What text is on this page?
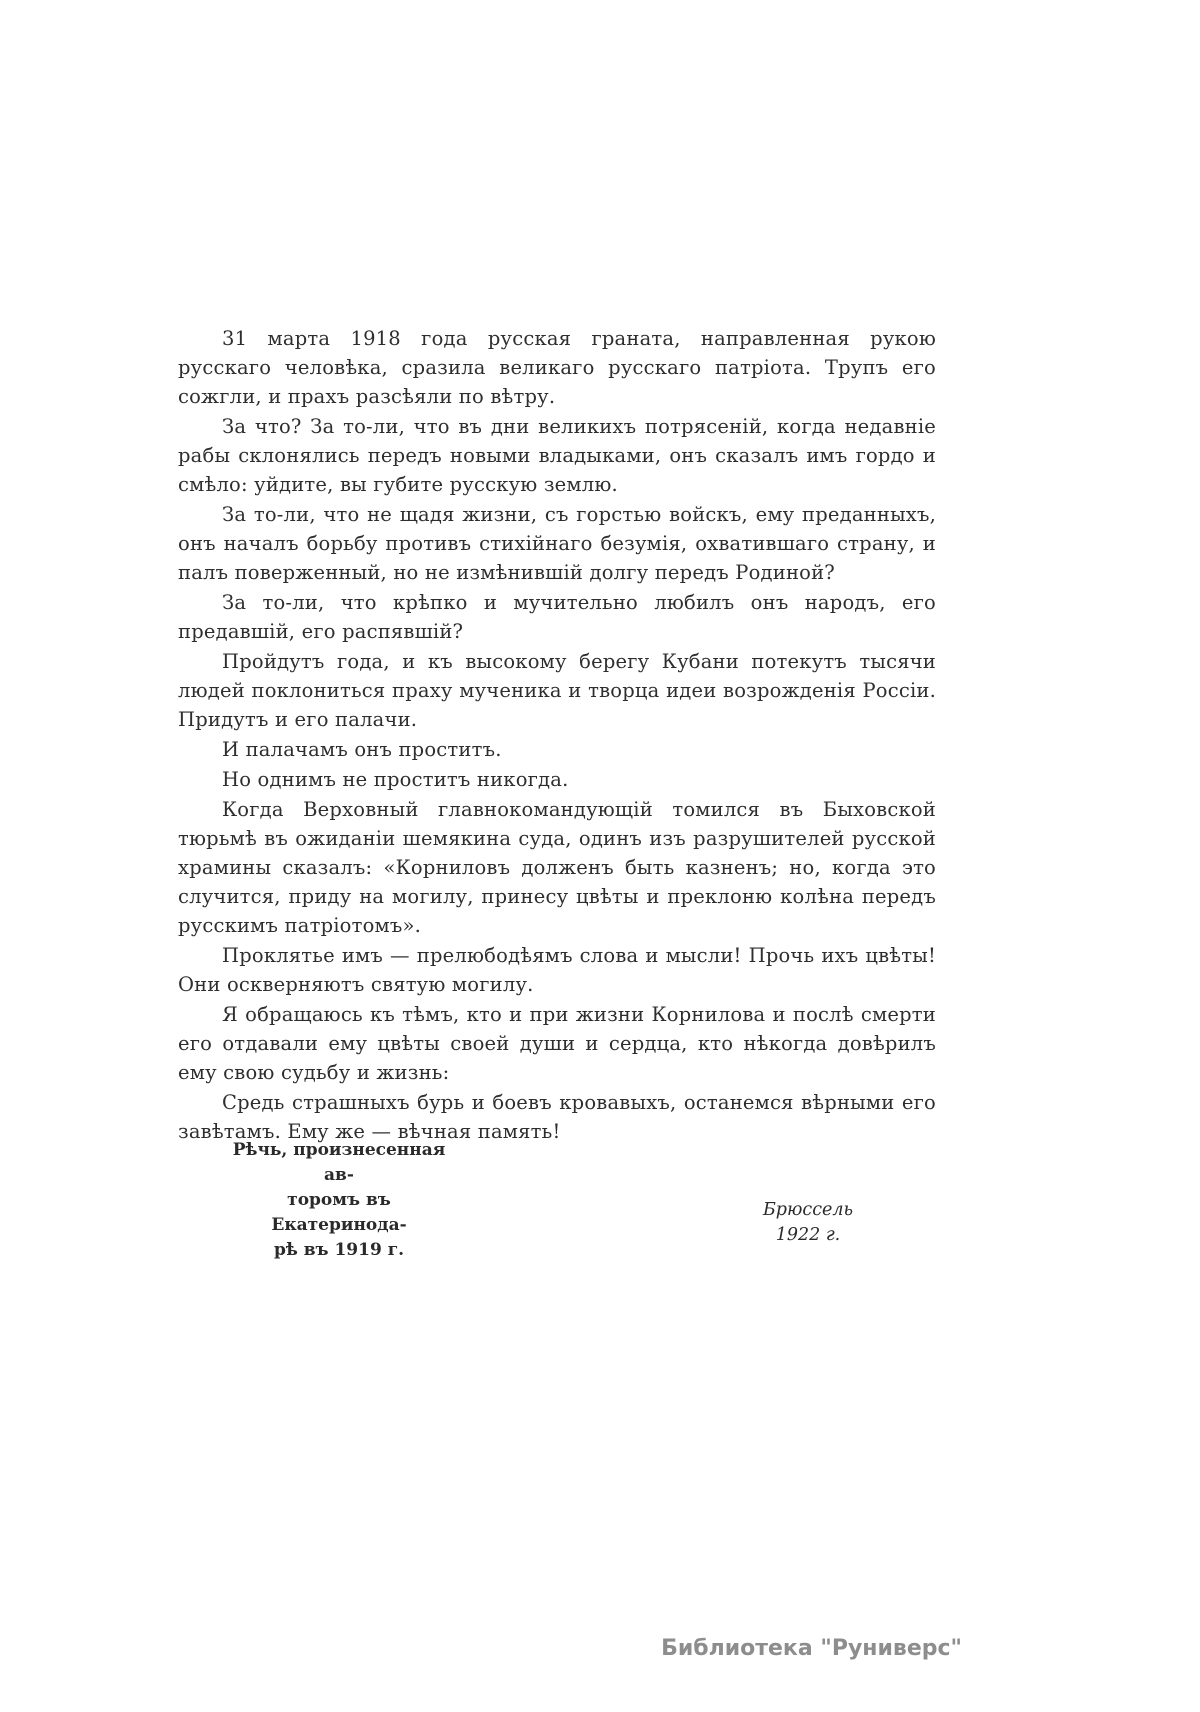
31 марта 1918 года русская граната, направленная рукою русскаго человѣка, сразила великаго русскаго патріота. Трупъ его сожгли, и прахъ разсѣяли по вѣтру.

За что? За то-ли, что въ дни великихъ потрясеній, когда недавніе рабы склонялись передъ новыми владыками, онъ сказалъ имъ гордо и смѣло: уйдите, вы губите русскую землю.

За то-ли, что не щадя жизни, съ горстью войскъ, ему преданныхъ, онъ началъ борьбу противъ стихійнаго безумія, охватившаго страну, и палъ поверженный, но не измѣнившій долгу передъ Родиной?

За то-ли, что крѣпко и мучительно любилъ онъ народъ, его предавшій, его распявшій?

Пройдутъ года, и къ высокому берегу Кубани потекутъ тысячи людей поклониться праху мученика и творца идеи возрожденія Россіи. Придутъ и его палачи.

И палачамъ онъ проститъ.

Но однимъ не проститъ никогда.

Когда Верховный главнокомандующій томился въ Быховской тюрьмѣ въ ожиданіи шемякина суда, одинъ изъ разрушителей русской храмины сказалъ: «Корниловъ долженъ быть казненъ; но, когда это случится, приду на могилу, принесу цвѣты и преклоню колѣна передъ русскимъ патріотомъ».

Проклятье имъ — прелюбодѣямъ слова и мысли! Прочь ихъ цвѣты! Они оскверняютъ святую могилу.

Я обращаюсь къ тѣмъ, кто и при жизни Корнилова и послѣ смерти его отдавали ему цвѣты своей души и сердца, кто нѣкогда довѣрилъ ему свою судьбу и жизнь:

Средь страшныхъ бурь и боевъ кровавыхъ, останемся вѣрными его завѣтамъ. Ему же — вѣчная память!

Рѣчь, произнесенная ав-
торомъ въ Екатеринода-
рѣ въ 1919 г.
Брюссель
1922 г.
Библиотека "Руниверс"
